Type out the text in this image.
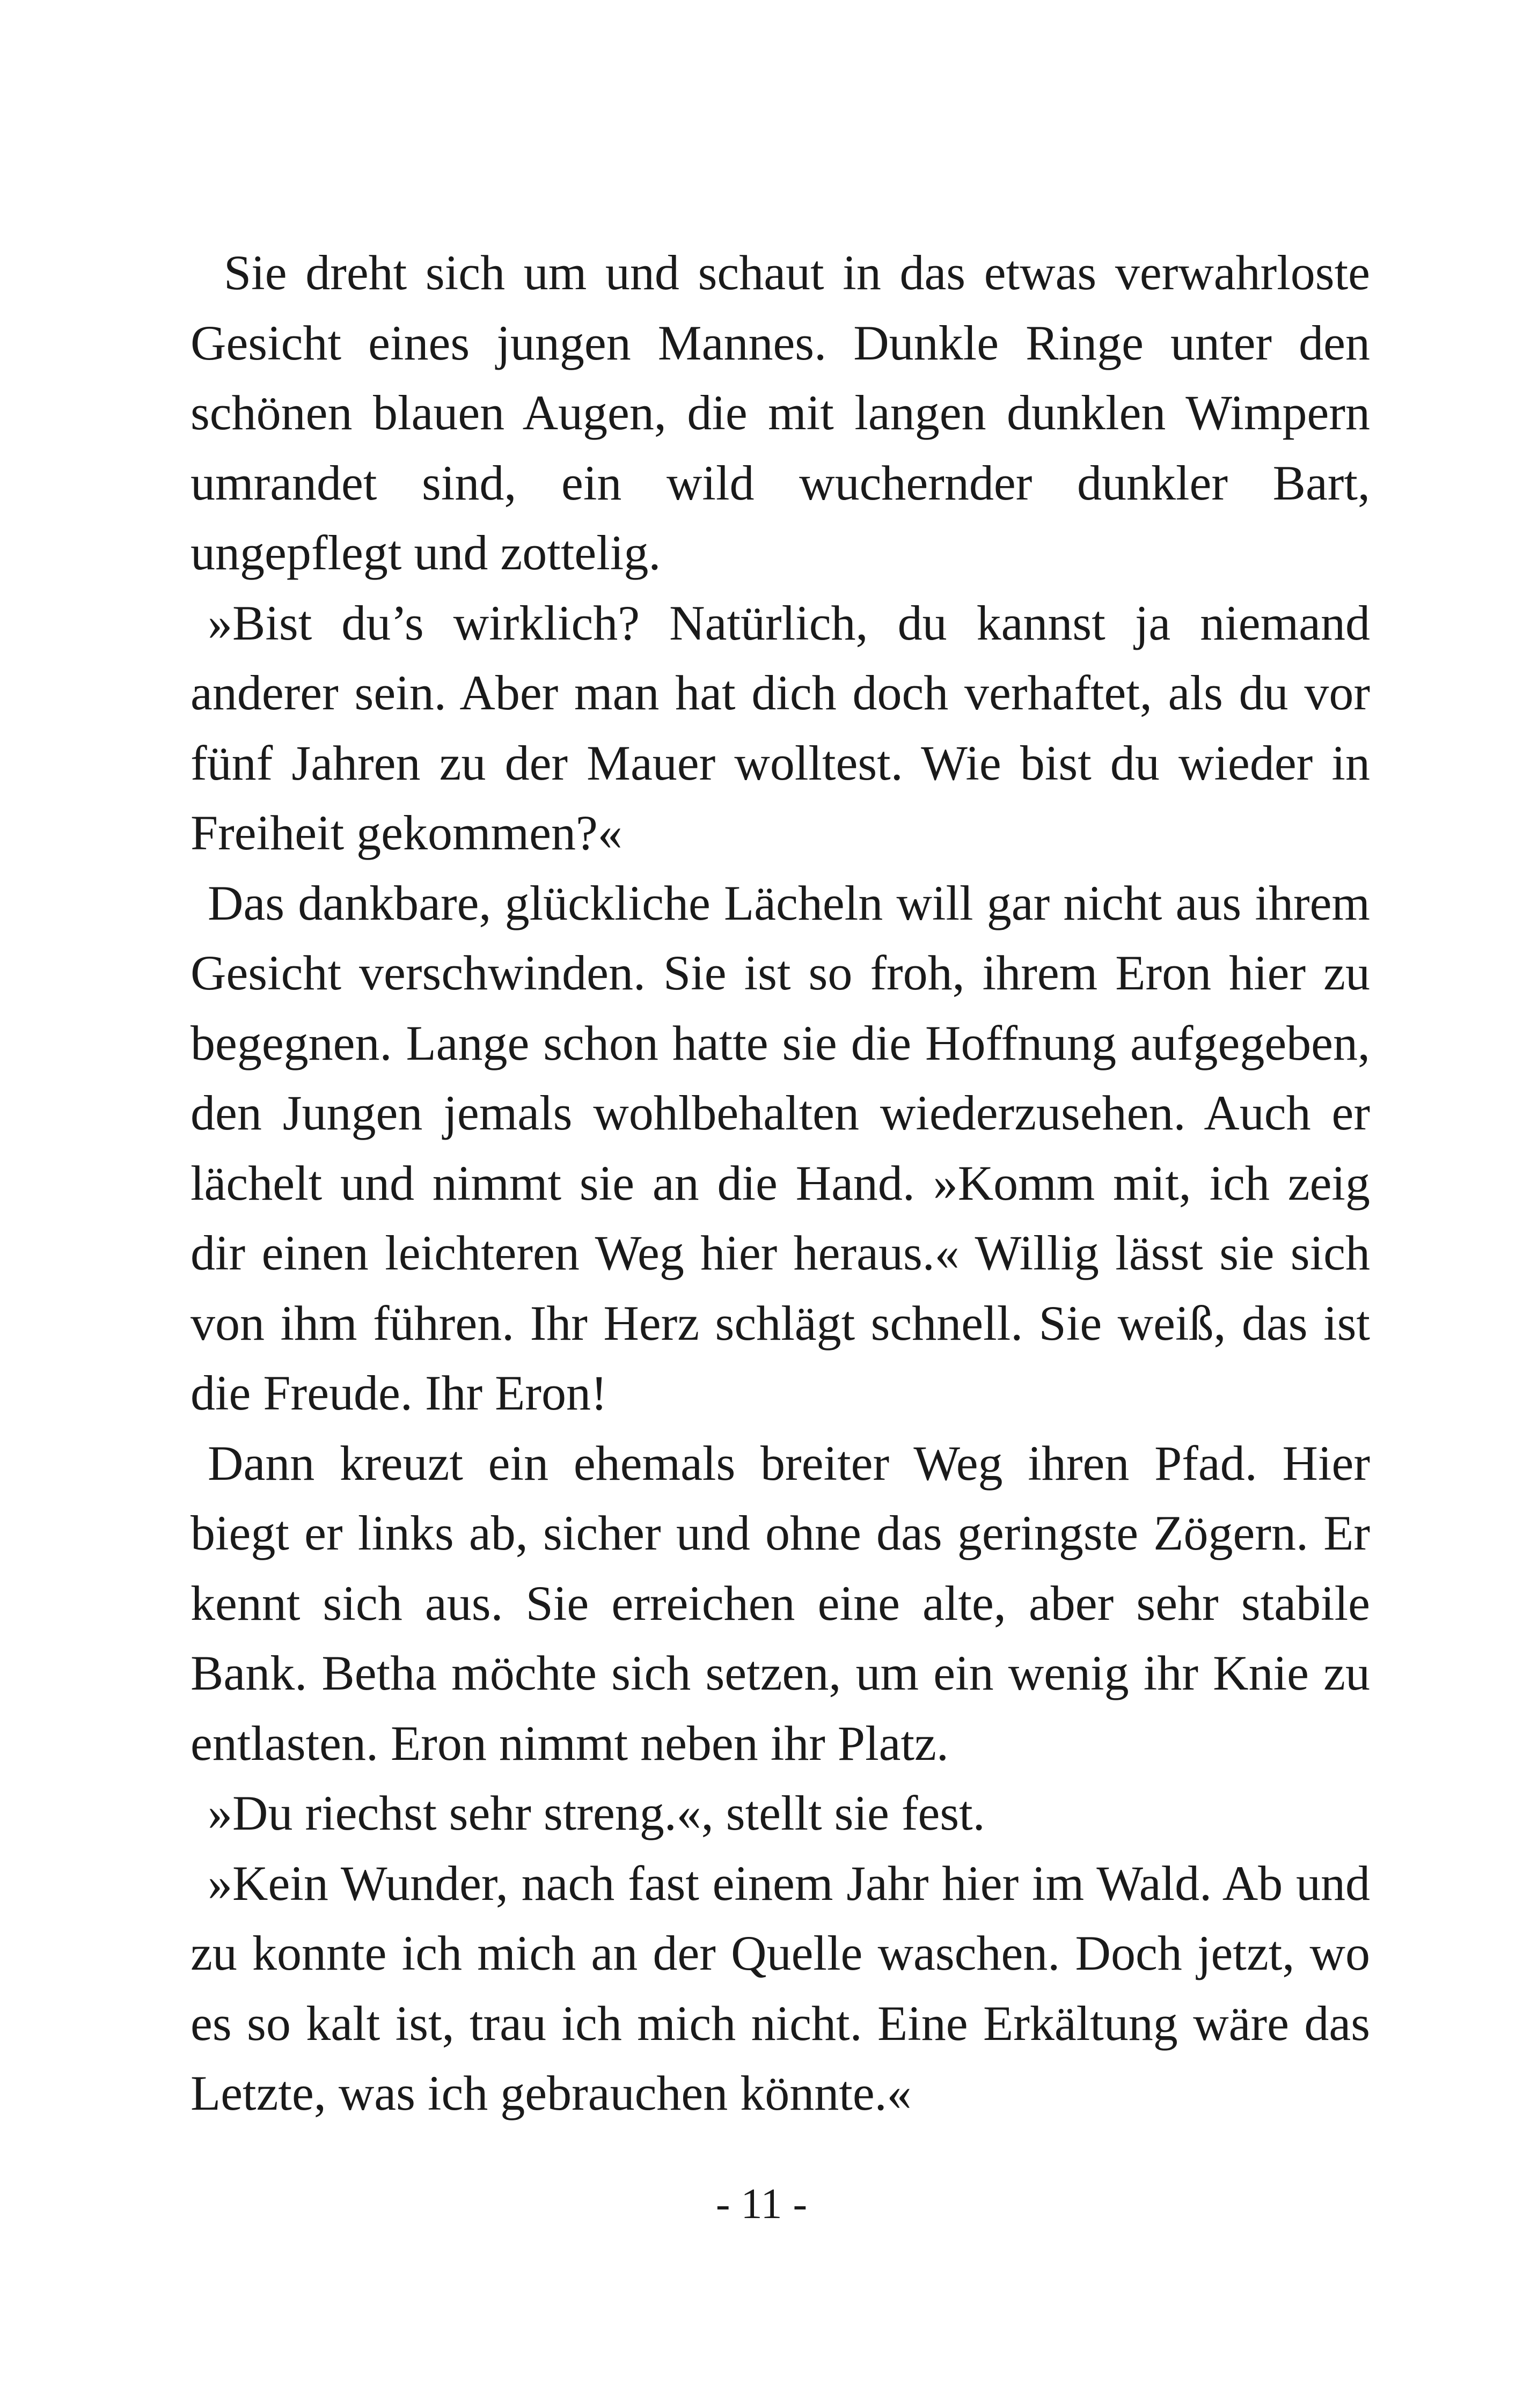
Sie dreht sich um und schaut in das etwas verwahrloste Gesicht eines jungen Mannes. Dunkle Ringe unter den schönen blauen Augen, die mit langen dunklen Wimpern umrandet sind, ein wild wuchernder dunkler Bart, ungepflegt und zottelig.

»Bist du’s wirklich? Natürlich, du kannst ja niemand anderer sein. Aber man hat dich doch verhaftet, als du vor fünf Jahren zu der Mauer wolltest. Wie bist du wieder in Freiheit gekommen?«

Das dankbare, glückliche Lächeln will gar nicht aus ihrem Gesicht verschwinden. Sie ist so froh, ihrem Eron hier zu begegnen. Lange schon hatte sie die Hoffnung aufgegeben, den Jungen jemals wohlbehalten wiederzusehen. Auch er lächelt und nimmt sie an die Hand. »Komm mit, ich zeig dir einen leichteren Weg hier heraus.« Willig lässt sie sich von ihm führen. Ihr Herz schlägt schnell. Sie weiß, das ist die Freude. Ihr Eron!

Dann kreuzt ein ehemals breiter Weg ihren Pfad. Hier biegt er links ab, sicher und ohne das geringste Zögern. Er kennt sich aus. Sie erreichen eine alte, aber sehr stabile Bank. Betha möchte sich setzen, um ein wenig ihr Knie zu entlasten. Eron nimmt neben ihr Platz.

»Du riechst sehr streng.«, stellt sie fest.

»Kein Wunder, nach fast einem Jahr hier im Wald. Ab und zu konnte ich mich an der Quelle waschen. Doch jetzt, wo es so kalt ist, trau ich mich nicht. Eine Erkältung wäre das Letzte, was ich gebrauchen könnte.«

- 11 -
